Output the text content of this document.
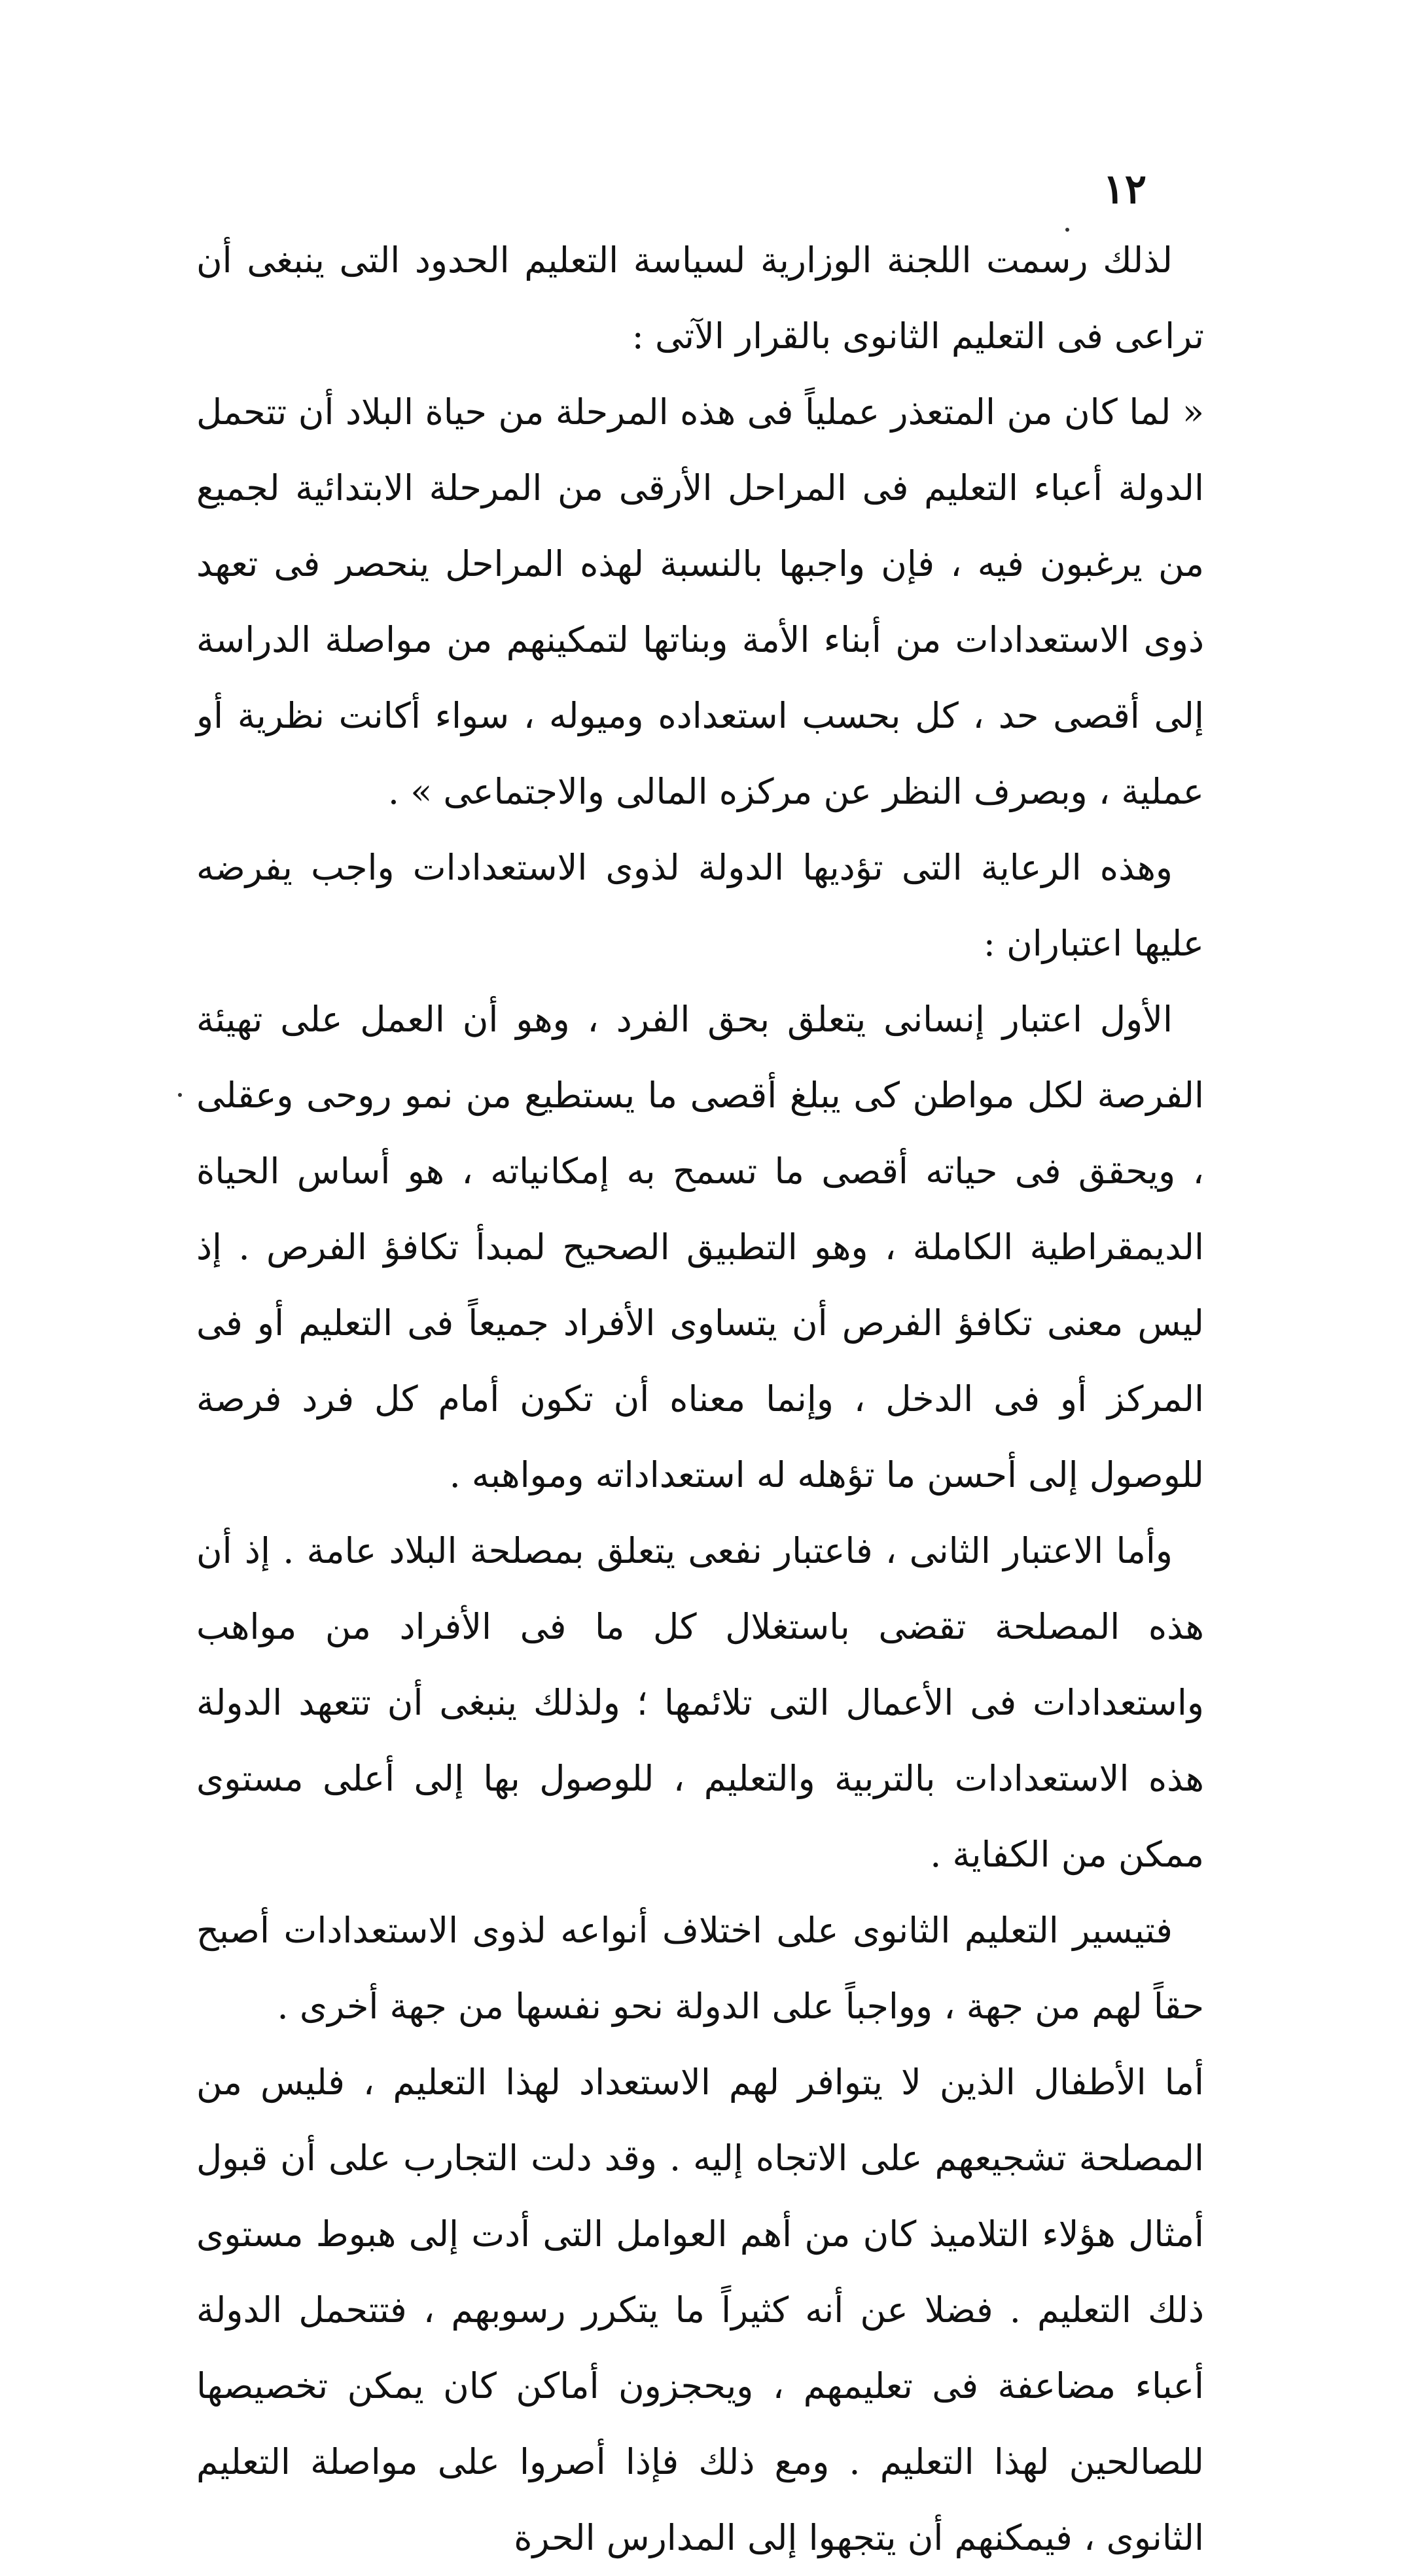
١٢

لذلك رسمت اللجنة الوزارية لسياسة التعليم الحدود التى ينبغى أن تراعى فى التعليم الثانوى بالقرار الآتى :

« لما كان من المتعذر عملياً فى هذه المرحلة من حياة البلاد أن تتحمل الدولة أعباء التعليم فى المراحل الأرقى من المرحلة الابتدائية لجميع من يرغبون فيه ، فإن واجبها بالنسبة لهذه المراحل ينحصر فى تعهد ذوى الاستعدادات من أبناء الأمة وبناتها لتمكينهم من مواصلة الدراسة إلى أقصى حد ، كل بحسب استعداده وميوله ، سواء أكانت نظرية أو عملية ، وبصرف النظر عن مركزه المالى والاجتماعى » .

وهذه الرعاية التى تؤديها الدولة لذوى الاستعدادات واجب يفرضه عليها اعتباران :

الأول اعتبار إنسانى يتعلق بحق الفرد ، وهو أن العمل على تهيئة الفرصة لكل مواطن كى يبلغ أقصى ما يستطيع من نمو روحى وعقلى ، ويحقق فى حياته أقصى ما تسمح به إمكانياته ، هو أساس الحياة الديمقراطية الكاملة ، وهو التطبيق الصحيح لمبدأ تكافؤ الفرص . إذ ليس معنى تكافؤ الفرص أن يتساوى الأفراد جميعاً فى التعليم أو فى المركز أو فى الدخل ، وإنما معناه أن تكون أمام كل فرد فرصة للوصول إلى أحسن ما تؤهله له استعداداته ومواهبه .

وأما الاعتبار الثانى ، فاعتبار نفعى يتعلق بمصلحة البلاد عامة . إذ أن هذه المصلحة تقضى باستغلال كل ما فى الأفراد من مواهب واستعدادات فى الأعمال التى تلائمها ؛ ولذلك ينبغى أن تتعهد الدولة هذه الاستعدادات بالتربية والتعليم ، للوصول بها إلى أعلى مستوى ممكن من الكفاية .

فتيسير التعليم الثانوى على اختلاف أنواعه لذوى الاستعدادات أصبح حقاً لهم من جهة ، وواجباً على الدولة نحو نفسها من جهة أخرى .

أما الأطفال الذين لا يتوافر لهم الاستعداد لهذا التعليم ، فليس من المصلحة تشجيعهم على الاتجاه إليه . وقد دلت التجارب على أن قبول أمثال هؤلاء التلاميذ كان من أهم العوامل التى أدت إلى هبوط مستوى ذلك التعليم . فضلا عن أنه كثيراً ما يتكرر رسوبهم ، فتتحمل الدولة أعباء مضاعفة فى تعليمهم ، ويحجزون أماكن كان يمكن تخصيصها للصالحين لهذا التعليم . ومع ذلك فإذا أصروا على مواصلة التعليم الثانوى ، فيمكنهم أن يتجهوا إلى المدارس الحرة
